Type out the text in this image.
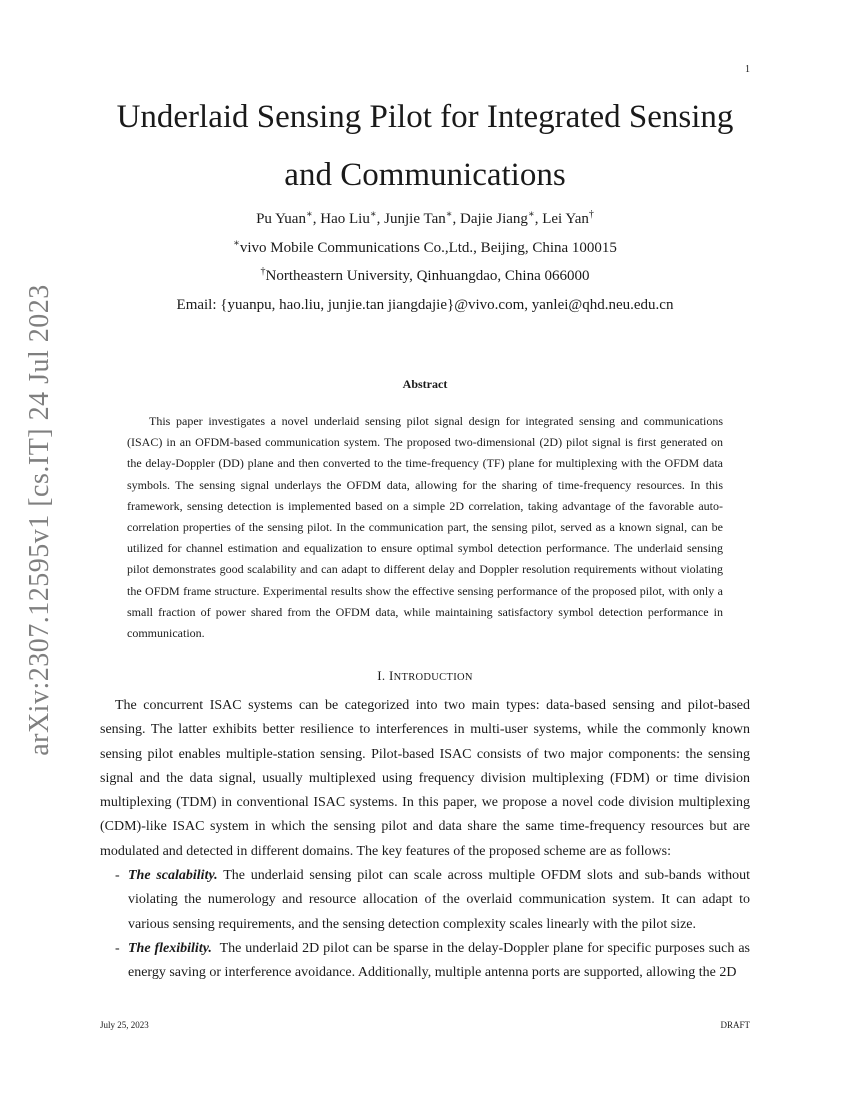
1
arXiv:2307.12595v1 [cs.IT] 24 Jul 2023
Underlaid Sensing Pilot for Integrated Sensing and Communications
Pu Yuan∗, Hao Liu∗, Junjie Tan∗, Dajie Jiang∗, Lei Yan†
∗vivo Mobile Communications Co.,Ltd., Beijing, China 100015
†Northeastern University, Qinhuangdao, China 066000
Email: {yuanpu, hao.liu, junjie.tan jiangdajie}@vivo.com, yanlei@qhd.neu.edu.cn
Abstract

This paper investigates a novel underlaid sensing pilot signal design for integrated sensing and communications (ISAC) in an OFDM-based communication system. The proposed two-dimensional (2D) pilot signal is first generated on the delay-Doppler (DD) plane and then converted to the time-frequency (TF) plane for multiplexing with the OFDM data symbols. The sensing signal underlays the OFDM data, allowing for the sharing of time-frequency resources. In this framework, sensing detection is implemented based on a simple 2D correlation, taking advantage of the favorable auto-correlation properties of the sensing pilot. In the communication part, the sensing pilot, served as a known signal, can be utilized for channel estimation and equalization to ensure optimal symbol detection performance. The underlaid sensing pilot demonstrates good scalability and can adapt to different delay and Doppler resolution requirements without violating the OFDM frame structure. Experimental results show the effective sensing performance of the proposed pilot, with only a small fraction of power shared from the OFDM data, while maintaining satisfactory symbol detection performance in communication.

I. INTRODUCTION

The concurrent ISAC systems can be categorized into two main types: data-based sensing and pilot-based sensing. The latter exhibits better resilience to interferences in multi-user systems, while the commonly known sensing pilot enables multiple-station sensing. Pilot-based ISAC consists of two major components: the sensing signal and the data signal, usually multiplexed using frequency division multiplexing (FDM) or time division multiplexing (TDM) in conventional ISAC systems. In this paper, we propose a novel code division multiplexing (CDM)-like ISAC system in which the sensing pilot and data share the same time-frequency resources but are modulated and detected in different domains. The key features of the proposed scheme are as follows:

- The scalability. The underlaid sensing pilot can scale across multiple OFDM slots and sub-bands without violating the numerology and resource allocation of the overlaid communication system. It can adapt to various sensing requirements, and the sensing detection complexity scales linearly with the pilot size.
- The flexibility. The underlaid 2D pilot can be sparse in the delay-Doppler plane for specific purposes such as energy saving or interference avoidance. Additionally, multiple antenna ports are supported, allowing the 2D
July 25, 2023	DRAFT
